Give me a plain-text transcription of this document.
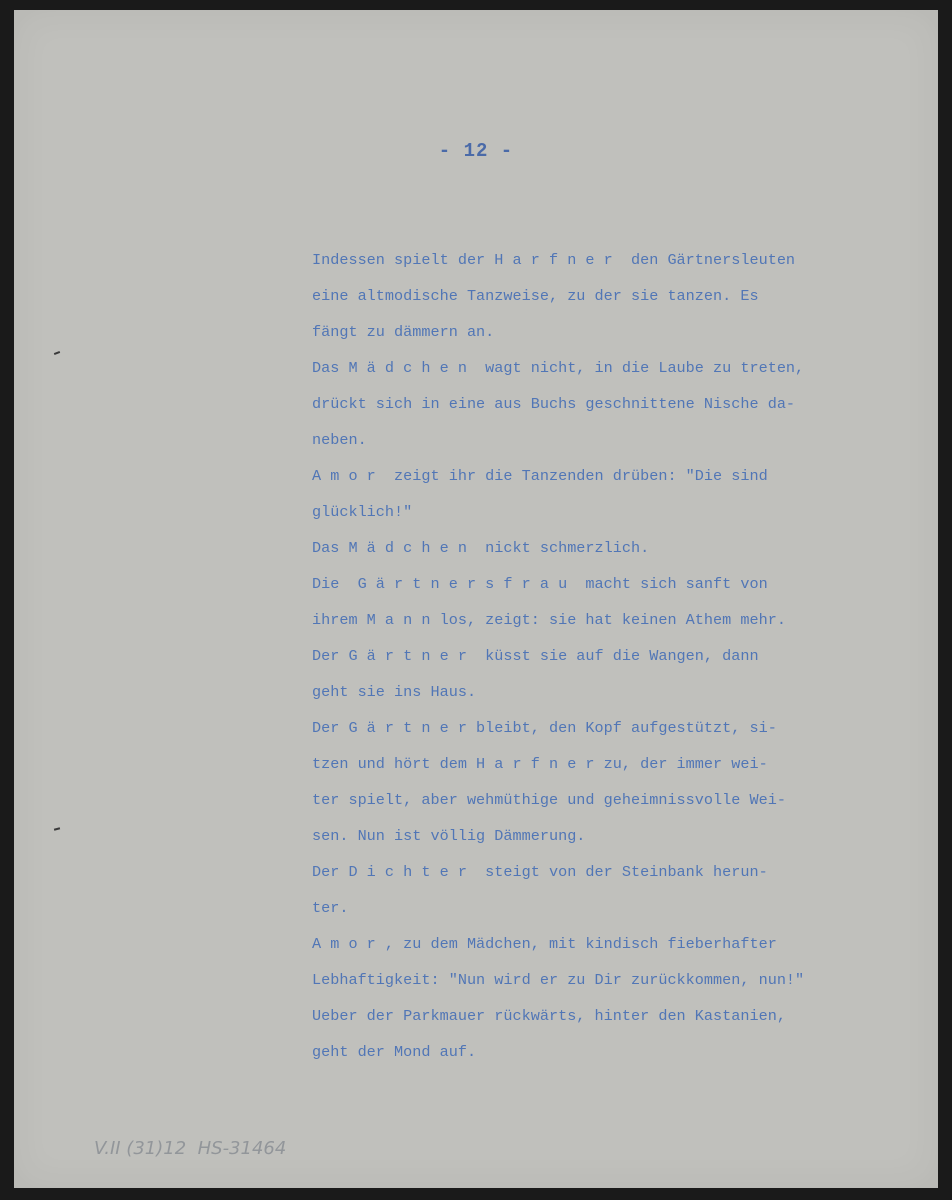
- 12 -
Indessen spielt der H a r f n e r  den Gärtnersleuten
eine altmodische Tanzweise, zu der sie tanzen. Es
fängt zu dämmern an.
Das M ä d c h e n  wagt nicht, in die Laube zu treten,
drückt sich in eine aus Buchs geschnittene Nische da-
neben.
A m o r  zeigt ihr die Tanzenden drüben: "Die sind
glücklich!"
Das M ä d c h e n  nickt schmerzlich.
Die  G ä r t n e r s f r a u  macht sich sanft von
ihrem M a n n los, zeigt: sie hat keinen Athem mehr.
Der G ä r t n e r  küsst sie auf die Wangen, dann
geht sie ins Haus.
Der G ä r t n e r bleibt, den Kopf aufgestützt, si-
tzen und hört dem H a r f n e r zu, der immer wei-
ter spielt, aber wehmüthige und geheimnissvolle Wei-
sen. Nun ist völlig Dämmerung.
Der D i c h t e r  steigt von der Steinbank herun-
ter.
A m o r , zu dem Mädchen, mit kindisch fieberhafter
Lebhaftigkeit: "Nun wird er zu Dir zurückkommen, nun!"
Ueber der Parkmauer rückwärts, hinter den Kastanien,
geht der Mond auf.
V.II (31)12  HS-31464
